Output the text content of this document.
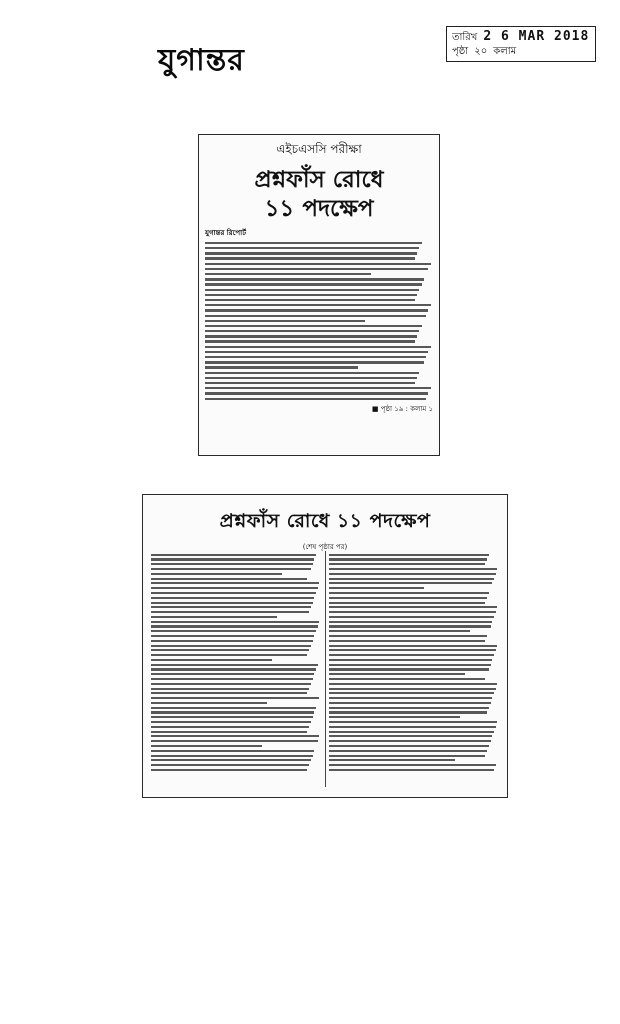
যুগান্তর
তারিখ 2 6 MAR 2018
পৃষ্ঠা ২০ কলাম
এইচএসসি পরীক্ষা
প্রশ্নফাঁস রোধে
১১ পদক্ষেপ
যুগান্তর রিপোর্ট
■ পৃষ্ঠা ১৯ : কলাম ১
প্রশ্নফাঁস রোধে ১১ পদক্ষেপ
(শেষ পৃষ্ঠার পর)
